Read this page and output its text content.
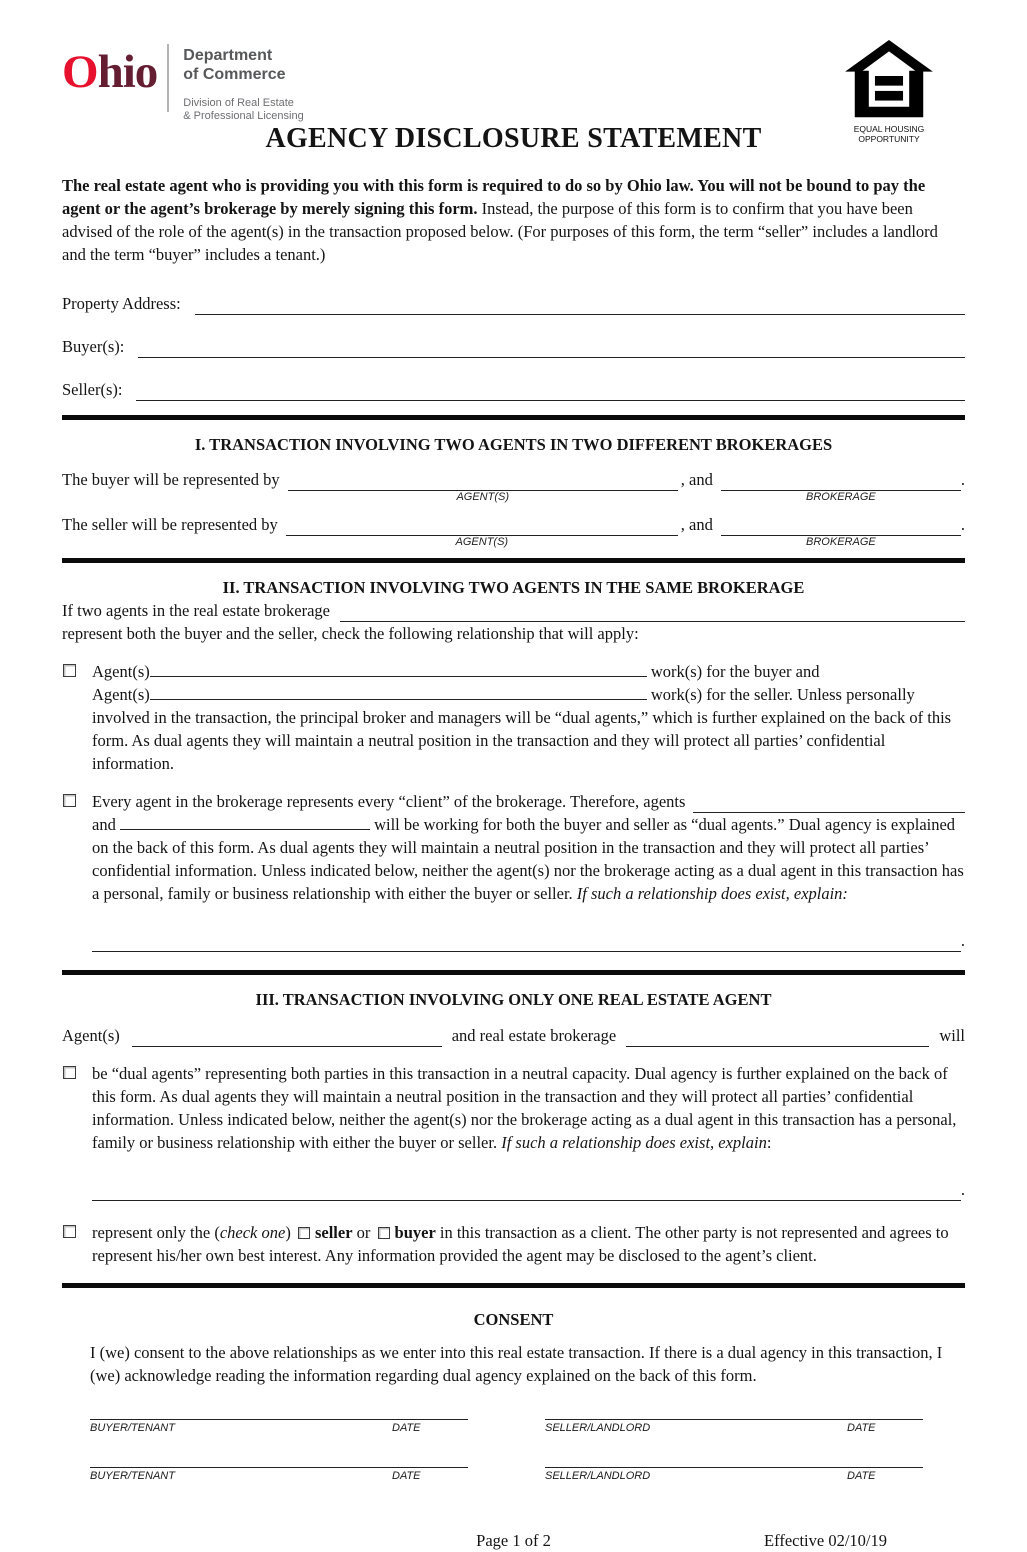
Ohio Department
of Commerce
Division of Real Estate
& Professional Licensing
EQUAL HOUSING
OPPORTUNITY
AGENCY DISCLOSURE STATEMENT

The real estate agent who is providing you with this form is required to do so by Ohio law. You will not be bound to pay the agent or the agent’s brokerage by merely signing this form. Instead, the purpose of this form is to confirm that you have been advised of the role of the agent(s) in the transaction proposed below. (For purposes of this form, the term “seller” includes a landlord and the term “buyer” includes a tenant.)

Property Address:
Buyer(s):
Seller(s):
I. TRANSACTION INVOLVING TWO AGENTS IN TWO DIFFERENT BROKERAGES
The buyer will be represented by
AGENT(S)
, and
BROKERAGE
.
The seller will be represented by
AGENT(S)
, and
BROKERAGE
.
II. TRANSACTION INVOLVING TWO AGENTS IN THE SAME BROKERAGE
If two agents in the real estate brokerage
represent both the buyer and the seller, check the following relationship that will apply:
Agent(s)	work(s) for the buyer and
Agent(s)	work(s) for the seller. Unless personally
involved in the transaction, the principal broker and managers will be “dual agents,” which is further explained on the back of this form. As dual agents they will maintain a neutral position in the transaction and they will protect all parties’ confidential information.
Every agent in the brokerage represents every “client” of the brokerage. Therefore, agents
and	will be working for both the buyer and seller as “dual agents.” Dual agency is explained on the back of this form. As dual agents they will maintain a neutral position in the transaction and they will protect all parties’ confidential information. Unless indicated below, neither the agent(s) nor the brokerage acting as a dual agent in this transaction has a personal, family or business relationship with either the buyer or seller. If such a relationship does exist, explain:
.
III. TRANSACTION INVOLVING ONLY ONE REAL ESTATE AGENT
Agent(s)	and real estate brokerage	will
be “dual agents” representing both parties in this transaction in a neutral capacity. Dual agency is further explained on the back of this form. As dual agents they will maintain a neutral position in the transaction and they will protect all parties’ confidential information. Unless indicated below, neither the agent(s) nor the brokerage acting as a dual agent in this transaction has a personal, family or business relationship with either the buyer or seller. If such a relationship does exist, explain:
.
represent only the (check one) seller or buyer in this transaction as a client. The other party is not represented and agrees to represent his/her own best interest. Any information provided the agent may be disclosed to the agent’s client.
CONSENT
I (we) consent to the above relationships as we enter into this real estate transaction. If there is a dual agency in this transaction, I (we) acknowledge reading the information regarding dual agency explained on the back of this form.
BUYER/TENANT	DATE	SELLER/LANDLORD	DATE
BUYER/TENANT	DATE	SELLER/LANDLORD	DATE
Page 1 of 2	Effective 02/10/19
